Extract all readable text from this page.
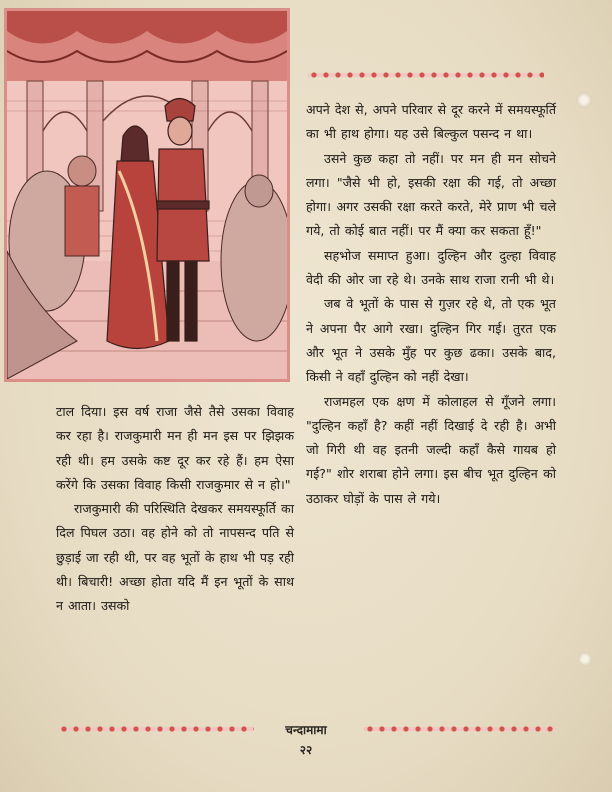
अपने देश से, अपने परिवार से दूर करने में समयस्फूर्ति का भी हाथ होगा। यह उसे बिल्कुल पसन्द न था।

उसने कुछ कहा तो नहीं। पर मन ही मन सोचने लगा। "जैसे भी हो, इसकी रक्षा की गई, तो अच्छा होगा। अगर उसकी रक्षा करते करते, मेरे प्राण भी चले गये, तो कोई बात नहीं। पर मैं क्या कर सकता हूँ!"

सहभोज समाप्त हुआ। दुल्हिन और दुल्हा विवाह वेदी की ओर जा रहे थे। उनके साथ राजा रानी भी थे।

जब वे भूतों के पास से गुज़र रहे थे, तो एक भूत ने अपना पैर आगे रखा। दुल्हिन गिर गई। तुरत एक और भूत ने उसके मुँह पर कुछ ढका। उसके बाद, किसी ने वहाँ दुल्हिन को नहीं देखा।

राजमहल एक क्षण में कोलाहल से गूँजने लगा। "दुल्हिन कहाँ है? कहीं नहीं दिखाई दे रही है। अभी जो गिरी थी वह इतनी जल्दी कहाँ कैसे गायब हो गई?" शोर शराबा होने लगा। इस बीच भूत दुल्हिन को उठाकर घोड़ों के पास ले गये।

टाल दिया। इस वर्ष राजा जैसे तैसे उसका विवाह कर रहा है। राजकुमारी मन ही मन इस पर झिझक रही थी। हम उसके कष्ट दूर कर रहे हैं। हम ऐसा करेंगे कि उसका विवाह किसी राजकुमार से न हो।"

राजकुमारी की परिस्थिति देखकर समयस्फूर्ति का दिल पिघल उठा। वह होने को तो नापसन्द पति से छुड़ाई जा रही थी, पर वह भूतों के हाथ भी पड़ रही थी। बिचारी! अच्छा होता यदि मैं इन भूतों के साथ न आता। उसको

चन्दामामा
२२
